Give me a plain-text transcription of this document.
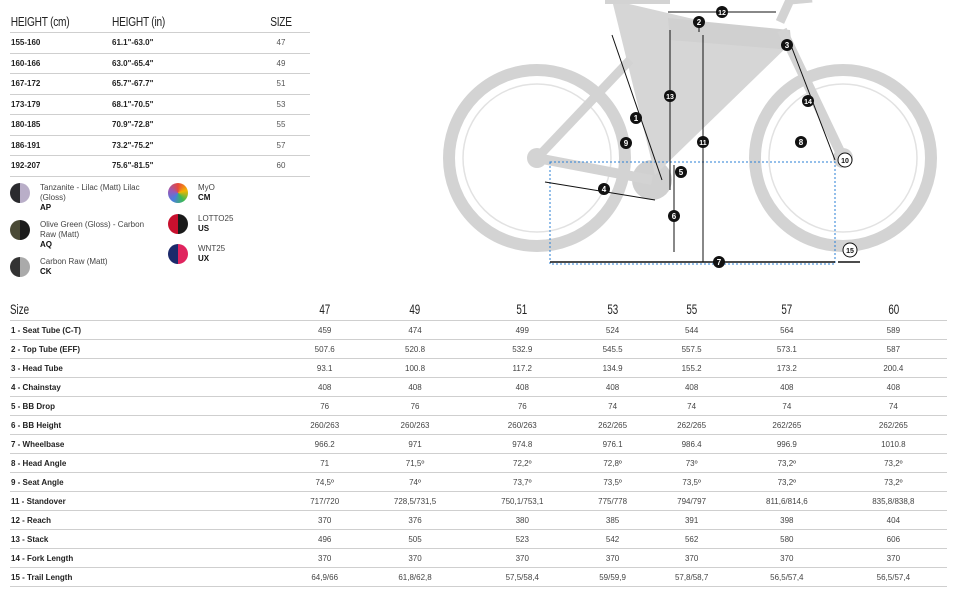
HEIGHT (cm)	HEIGHT (in)	SIZE
155-160	61.1"-63.0"	47
160-166	63.0"-65.4"	49
167-172	65.7"-67.7"	51
173-179	68.1"-70.5"	53
180-185	70.9"-72.8"	55
186-191	73.2"-75.2"	57
192-207	75.6"-81.5"	60
Tanzanite - Lilac (Matt) Lilac (Gloss)
AP
Olive Green (Gloss) - Carbon Raw (Matt)
AQ
Carbon Raw (Matt)
CK
MyO
CM
LOTTO25
US
WNT25
UX
1
2
3
4
5
6
7
8
9
10
11
12
13
14
15
Size	47	49	51	53	55	57	60
1 - Seat Tube (C-T)	459	474	499	524	544	564	589
2 - Top Tube (EFF)	507.6	520.8	532.9	545.5	557.5	573.1	587
3 - Head Tube	93.1	100.8	117.2	134.9	155.2	173.2	200.4
4 - Chainstay	408	408	408	408	408	408	408
5 - BB Drop	76	76	76	74	74	74	74
6 - BB Height	260/263	260/263	260/263	262/265	262/265	262/265	262/265
7 - Wheelbase	966.2	971	974.8	976.1	986.4	996.9	1010.8
8 - Head Angle	71	71,5º	72,2º	72,8º	73º	73,2º	73,2º
9 - Seat Angle	74,5º	74º	73,7º	73,5º	73,5º	73,2º	73,2º
11 - Standover	717/720	728,5/731,5	750,1/753,1	775/778	794/797	811,6/814,6	835,8/838,8
12 - Reach	370	376	380	385	391	398	404
13 - Stack	496	505	523	542	562	580	606
14 - Fork Length	370	370	370	370	370	370	370
15 - Trail Length	64,9/66	61,8/62,8	57,5/58,4	59/59,9	57,8/58,7	56,5/57,4	56,5/57,4
